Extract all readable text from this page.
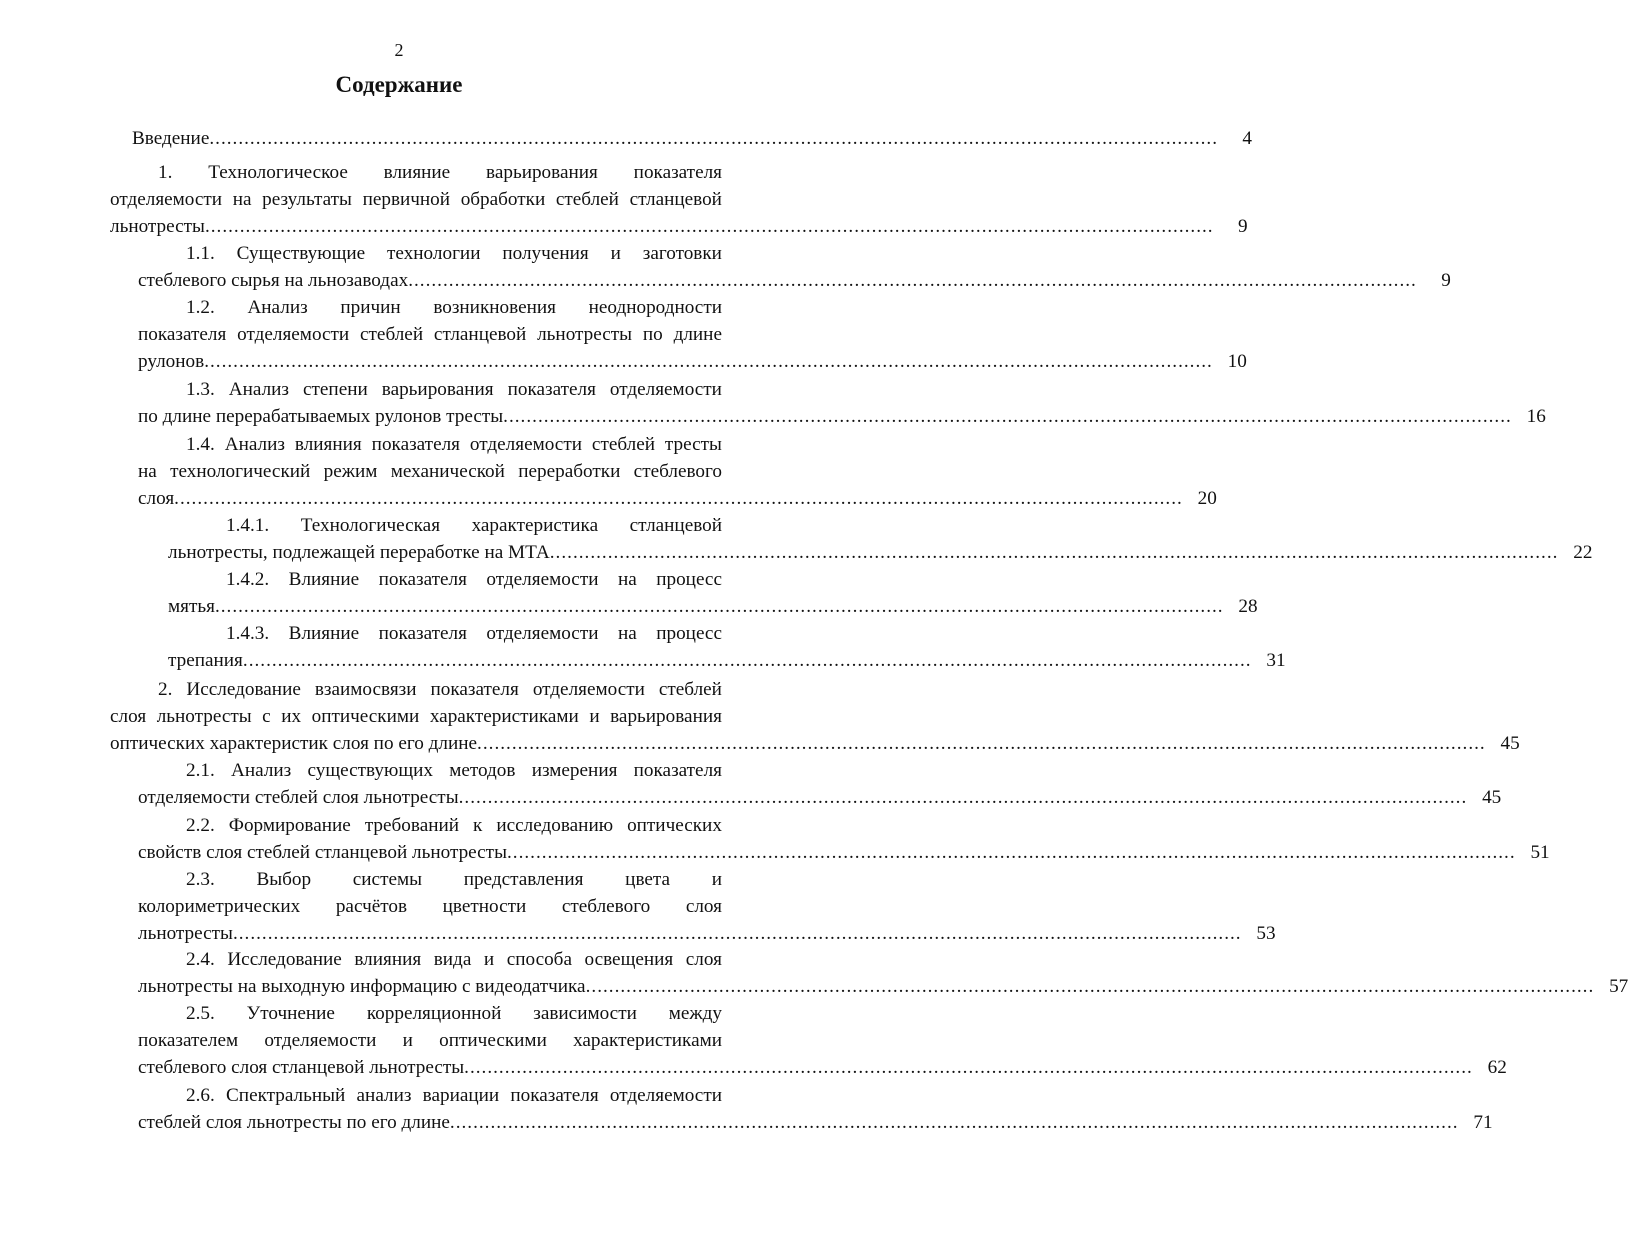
2
Содержание
Введение .....	4
1. Технологическое влияние варьирования показателя
отделяемости на результаты первичной обработки стеблей стланцевой
льнотресты .....	9
1.1. Существующие технологии получения и заготовки
стеблевого сырья на льнозаводах .....	9
1.2. Анализ причин возникновения неоднородности
показателя отделяемости стеблей стланцевой льнотресты по длине
рулонов .....	10
1.3. Анализ степени варьирования показателя отделяемости
по длине перерабатываемых рулонов тресты .....	16
1.4. Анализ влияния показателя отделяемости стеблей тресты
на технологический режим механической переработки стеблевого
слоя .....	20
1.4.1. Технологическая характеристика стланцевой
льнотресты, подлежащей переработке на МТА .....	22
1.4.2. Влияние показателя отделяемости на процесс
мятья .....	28
1.4.3. Влияние показателя отделяемости на процесс
трепания .....	31
2. Исследование взаимосвязи показателя отделяемости стеблей
слоя льнотресты с их оптическими характеристиками и варьирования
оптических характеристик слоя по его длине .....	45
2.1. Анализ существующих методов измерения показателя
отделяемости стеблей слоя льнотресты .....	45
2.2. Формирование требований к исследованию оптических
свойств слоя стеблей стланцевой льнотресты .....	51
2.3. Выбор системы представления цвета и
колориметрических расчётов цветности стеблевого слоя
льнотресты .....	53
2.4. Исследование влияния вида и способа освещения слоя
льнотресты на выходную информацию с видеодатчика .....	57
2.5. Уточнение корреляционной зависимости между
показателем отделяемости и оптическими характеристиками
стеблевого слоя стланцевой льнотресты .....	62
2.6. Спектральный анализ вариации показателя отделяемости
стеблей слоя льнотресты по его длине .....	71
